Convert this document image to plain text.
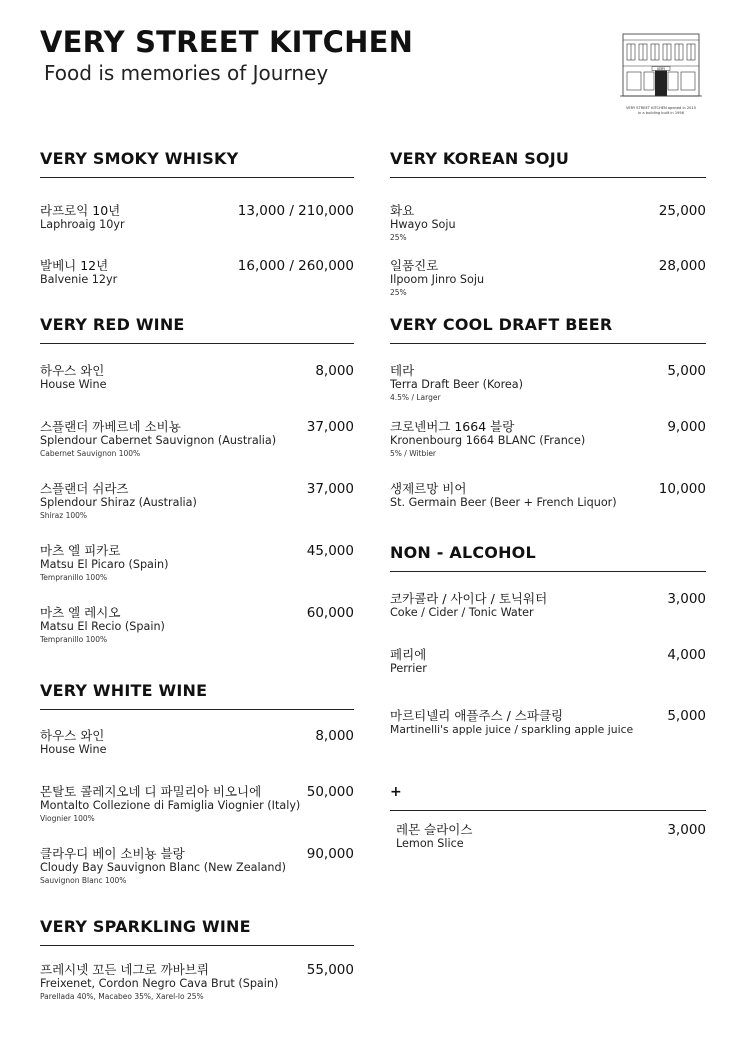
VERY STREET KITCHEN
Food is memories of Journey	VERY
VERY STREET KITCHEN opened in 2015
in a building built in 1956
VERY SMOKY WHISKY
라프로익 10년
Laphroaig 10yr
13,000 / 210,000
발베니 12년
Balvenie 12yr
16,000 / 260,000
VERY RED WINE
하우스 와인
House Wine
8,000
스플랜더 까베르네 소비뇽
Splendour Cabernet Sauvignon (Australia)
Cabernet Sauvignon 100%
37,000
스플랜더 쉬라즈
Splendour Shiraz (Australia)
Shiraz 100%
37,000
마츠 엘 피카로
Matsu El Picaro (Spain)
Tempranillo 100%
45,000
마츠 엘 레시오
Matsu El Recio (Spain)
Tempranillo 100%
60,000
VERY WHITE WINE
하우스 와인
House Wine
8,000
몬탈토 콜레지오네 디 파밀리아 비오니에
Montalto Collezione di Famiglia Viognier (Italy)
Viognier 100%
50,000
클라우디 베이 소비뇽 블랑
Cloudy Bay Sauvignon Blanc (New Zealand)
Sauvignon Blanc 100%
90,000
VERY SPARKLING WINE
프레시넷 꼬든 네그로 까바브뤼
Freixenet, Cordon Negro Cava Brut (Spain)
Parellada 40%, Macabeo 35%, Xarel-lo 25%
55,000
VERY KOREAN SOJU
화요
Hwayo Soju
25%
25,000
일품진로
Ilpoom Jinro Soju
25%
28,000
VERY COOL DRAFT BEER
테라
Terra Draft Beer (Korea)
4.5% / Larger
5,000
크로넨버그 1664 블랑
Kronenbourg 1664 BLANC (France)
5% / Witbier
9,000
생제르망 비어
St. Germain Beer (Beer + French Liquor)
10,000
NON - ALCOHOL
코카콜라 / 사이다 / 토닉워터
Coke / Cider / Tonic Water
3,000
페리에
Perrier
4,000
마르티넬리 애플주스 / 스파클링
Martinelli's apple juice / sparkling apple juice
5,000
+
레몬 슬라이스
Lemon Slice
3,000
